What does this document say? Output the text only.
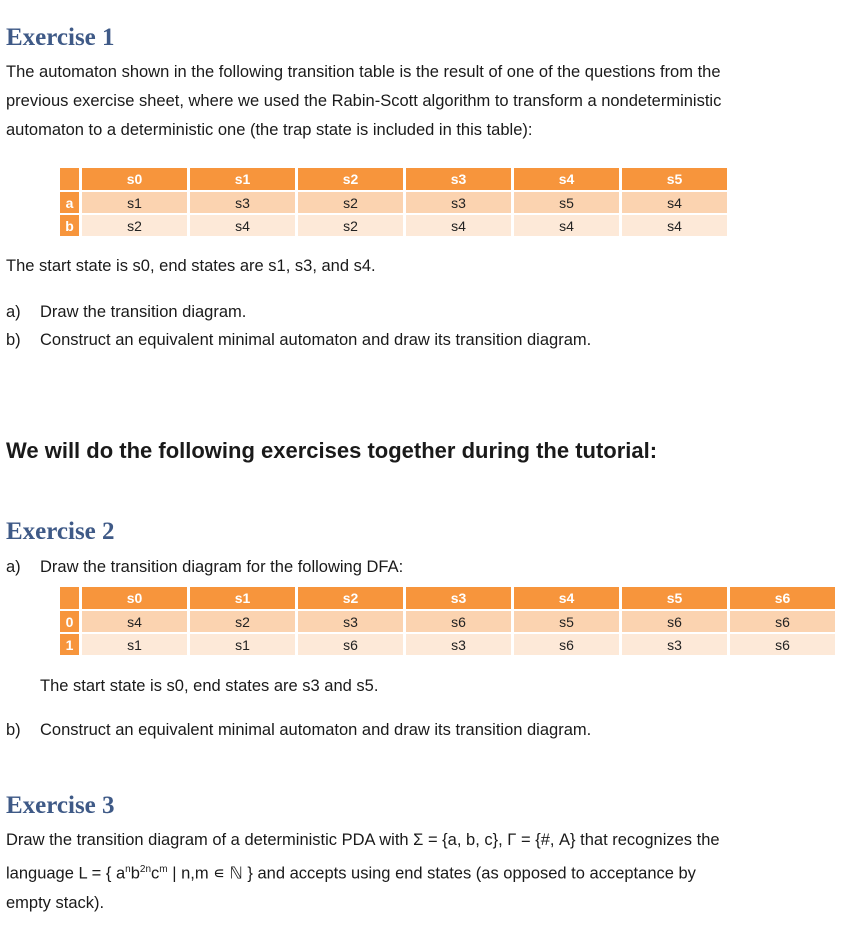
Exercise 1
The automaton shown in the following transition table is the result of one of the questions from the
previous exercise sheet, where we used the Rabin-Scott algorithm to transform a nondeterministic
automaton to a deterministic one (the trap state is included in this table):
	s0	s1	s2	s3	s4	s5
a	s1	s3	s2	s3	s5	s4
b	s2	s4	s2	s4	s4	s4
The start state is s0, end states are s1, s3, and s4.
a) Draw the transition diagram.
b) Construct an equivalent minimal automaton and draw its transition diagram.
We will do the following exercises together during the tutorial:
Exercise 2
a) Draw the transition diagram for the following DFA:
	s0	s1	s2	s3	s4	s5	s6
0	s4	s2	s3	s6	s5	s6	s6
1	s1	s1	s6	s3	s6	s3	s6
The start state is s0, end states are s3 and s5.
b) Construct an equivalent minimal automaton and draw its transition diagram.
Exercise 3
Draw the transition diagram of a deterministic PDA with Σ = {a, b, c}, Γ = {#, A} that recognizes the
language L = { $a^nb^{2n}c^m$ | n,m ∊ ℕ } and accepts using end states (as opposed to acceptance by
empty stack).
